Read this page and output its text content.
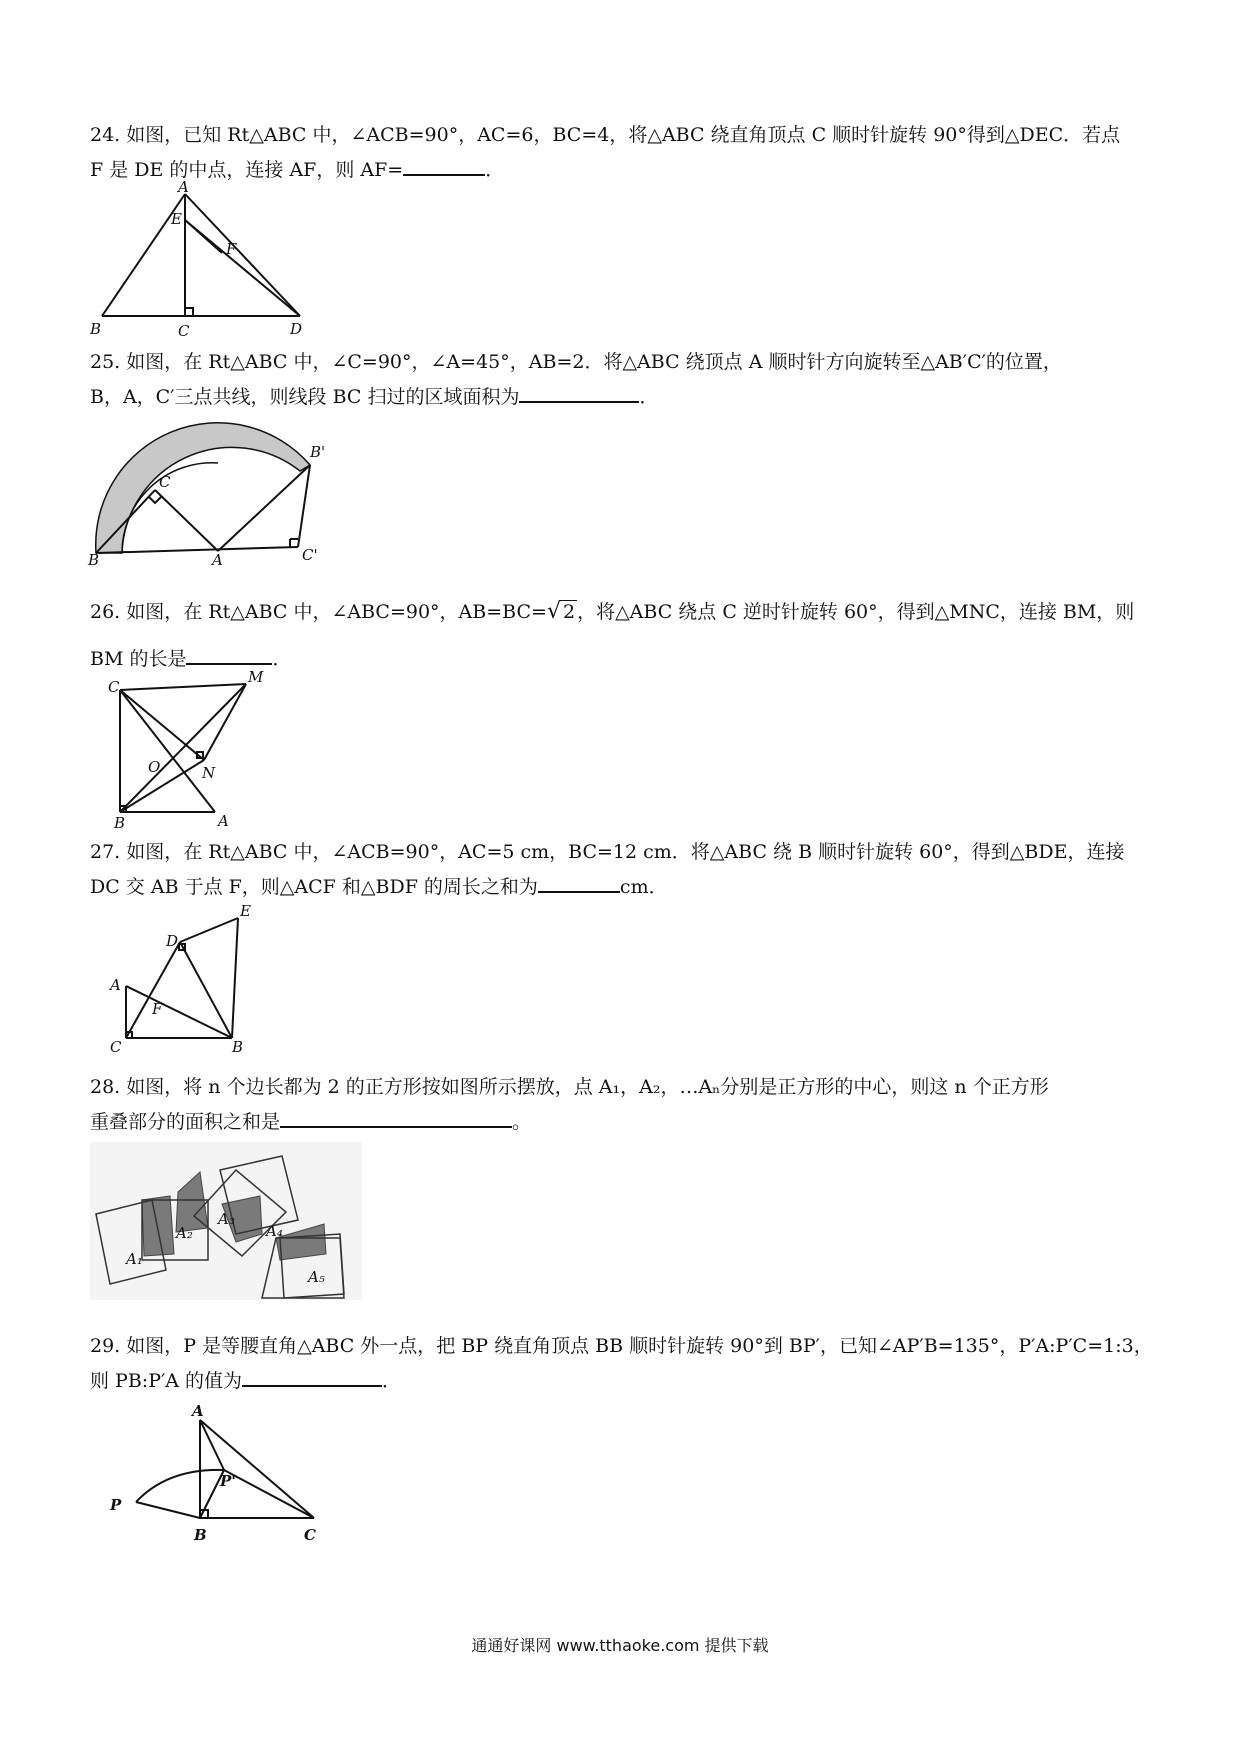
24. 如图，已知 Rt△ABC 中，∠ACB=90°，AC=6，BC=4，将△ABC 绕直角顶点 C 顺时针旋转 90°得到△DEC．若点

F 是 DE 的中点，连接 AF，则 AF=	．

A
E
F
B	C	D

25. 如图，在 Rt△ABC 中，∠C=90°，∠A=45°，AB=2．将△ABC 绕顶点 A 顺时针方向旋转至△AB′C′的位置，

B，A，C′三点共线，则线段 BC 扫过的区域面积为	．

C
B	A
B'
C'

26. 如图，在 Rt△ABC 中，∠ABC=90°，AB=BC=√ 2 ，将△ABC 绕点 C 逆时针旋转 60°，得到△MNC，连接 BM，则

BM 的长是	．

C
M
O	N
B	A

27. 如图，在 Rt△ABC 中，∠ACB=90°，AC=5 cm，BC=12 cm．将△ABC 绕 B 顺时针旋转 60°，得到△BDE，连接

DC 交 AB 于点 F，则△ACF 和△BDF 的周长之和为	cm．

E
D
A
F
C	B

28. 如图，将 n 个边长都为 2 的正方形按如图所示摆放，点 A₁，A₂，…Aₙ分别是正方形的中心，则这 n 个正方形

重叠部分的面积之和是	。

A₁
A₂
A₃
A₄
A₅

29. 如图，P 是等腰直角△ABC 外一点，把 BP 绕直角顶点 BB 顺时针旋转 90°到 BP′，已知∠AP′B=135°，P′A:P′C=1:3，

则 PB:P′A 的值为	．

A
P
P'
B	C
通通好课网 www.tthaoke.com 提供下载
